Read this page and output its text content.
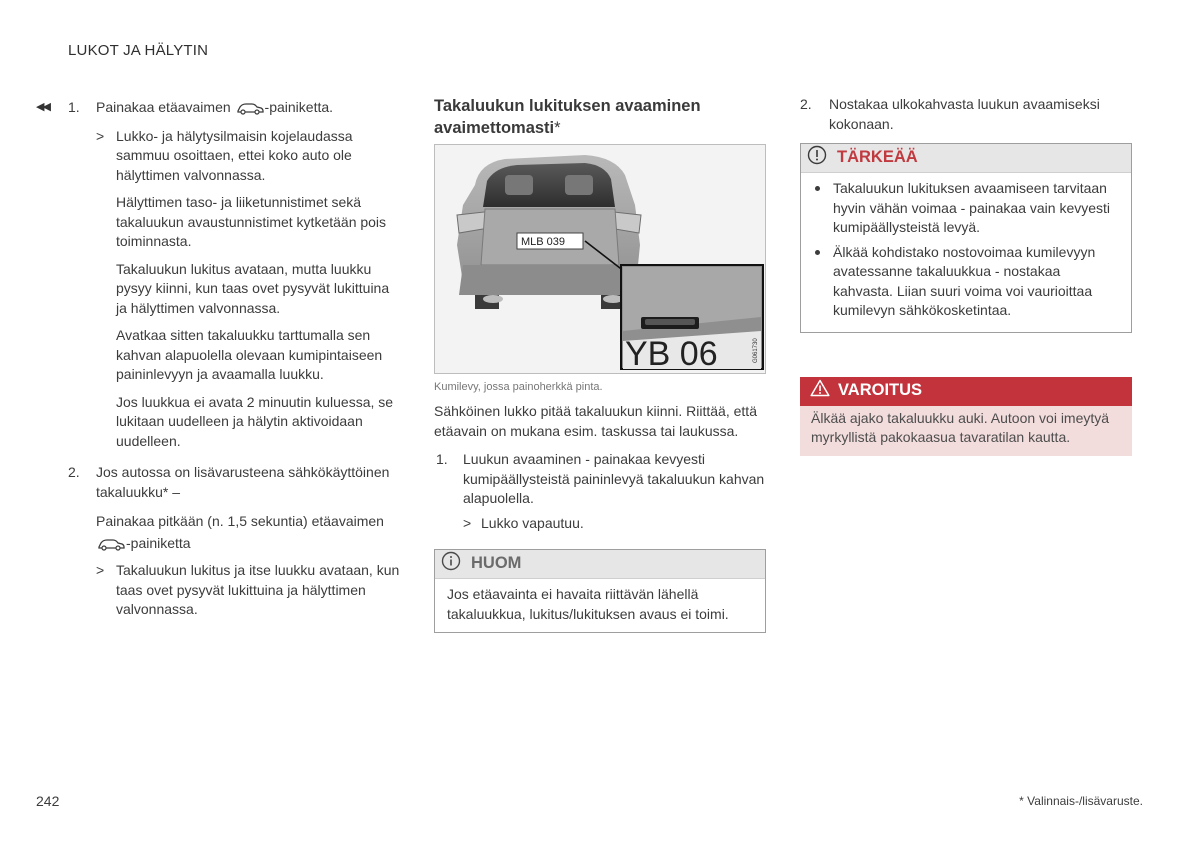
LUKOT JA HÄLYTIN
◀◀ 1. Painakaa etäavaimen -painiketta.
> Lukko- ja hälytysilmaisin kojelaudassa sammuu osoittaen, ettei koko auto ole hälyttimen valvonnassa.

Hälyttimen taso- ja liiketunnistimet sekä takaluukun avaustunnistimet kytketään pois toiminnasta.

Takaluukun lukitus avataan, mutta luukku pysyy kiinni, kun taas ovet pysyvät lukittuina ja hälyttimen valvonnassa.

Avatkaa sitten takaluukku tarttumalla sen kahvan alapuolella olevaan kumipintaiseen paininlevyyn ja avaamalla luukku.

Jos luukkua ei avata 2 minuutin kuluessa, se lukitaan uudelleen ja hälytin aktivoidaan uudelleen.

2. Jos autossa on lisävarusteena sähkökäyttöinen takaluukku* –

Painakaa pitkään (n. 1,5 sekuntia) etäavaimen -painiketta

> Takaluukun lukitus ja itse luukku avataan, kun taas ovet pysyvät lukittuina ja hälyttimen valvonnassa.
Takaluukun lukituksen avaaminen avaimettomasti*
MLB 039
YB 06	G061730
Kumilevy, jossa painoherkkä pinta.

Sähköinen lukko pitää takaluukun kiinni. Riittää, että etäavain on mukana esim. taskussa tai laukussa.

1. Luukun avaaminen - painakaa kevyesti kumipäällysteistä paininlevyä takaluukun kahvan alapuolella.
> Lukko vapautuu.
HUOM
Jos etäavainta ei havaita riittävän lähellä takaluukkua, lukitus/lukituksen avaus ei toimi.
2. Nostakaa ulkokahvasta luukun avaamiseksi kokonaan.
TÄRKEÄÄ
Takaluukun lukituksen avaamiseen tarvitaan hyvin vähän voimaa - painakaa vain kevyesti kumipäällysteistä levyä.
Älkää kohdistako nostovoimaa kumilevyyn avatessanne takaluukkua - nostakaa kahvasta. Liian suuri voima voi vaurioittaa kumilevyn sähkökosketintaa.
VAROITUS
Älkää ajako takaluukku auki. Autoon voi imeytyä myrkyllistä pakokaasua tavaratilan kautta.
242	* Valinnais-/lisävaruste.
